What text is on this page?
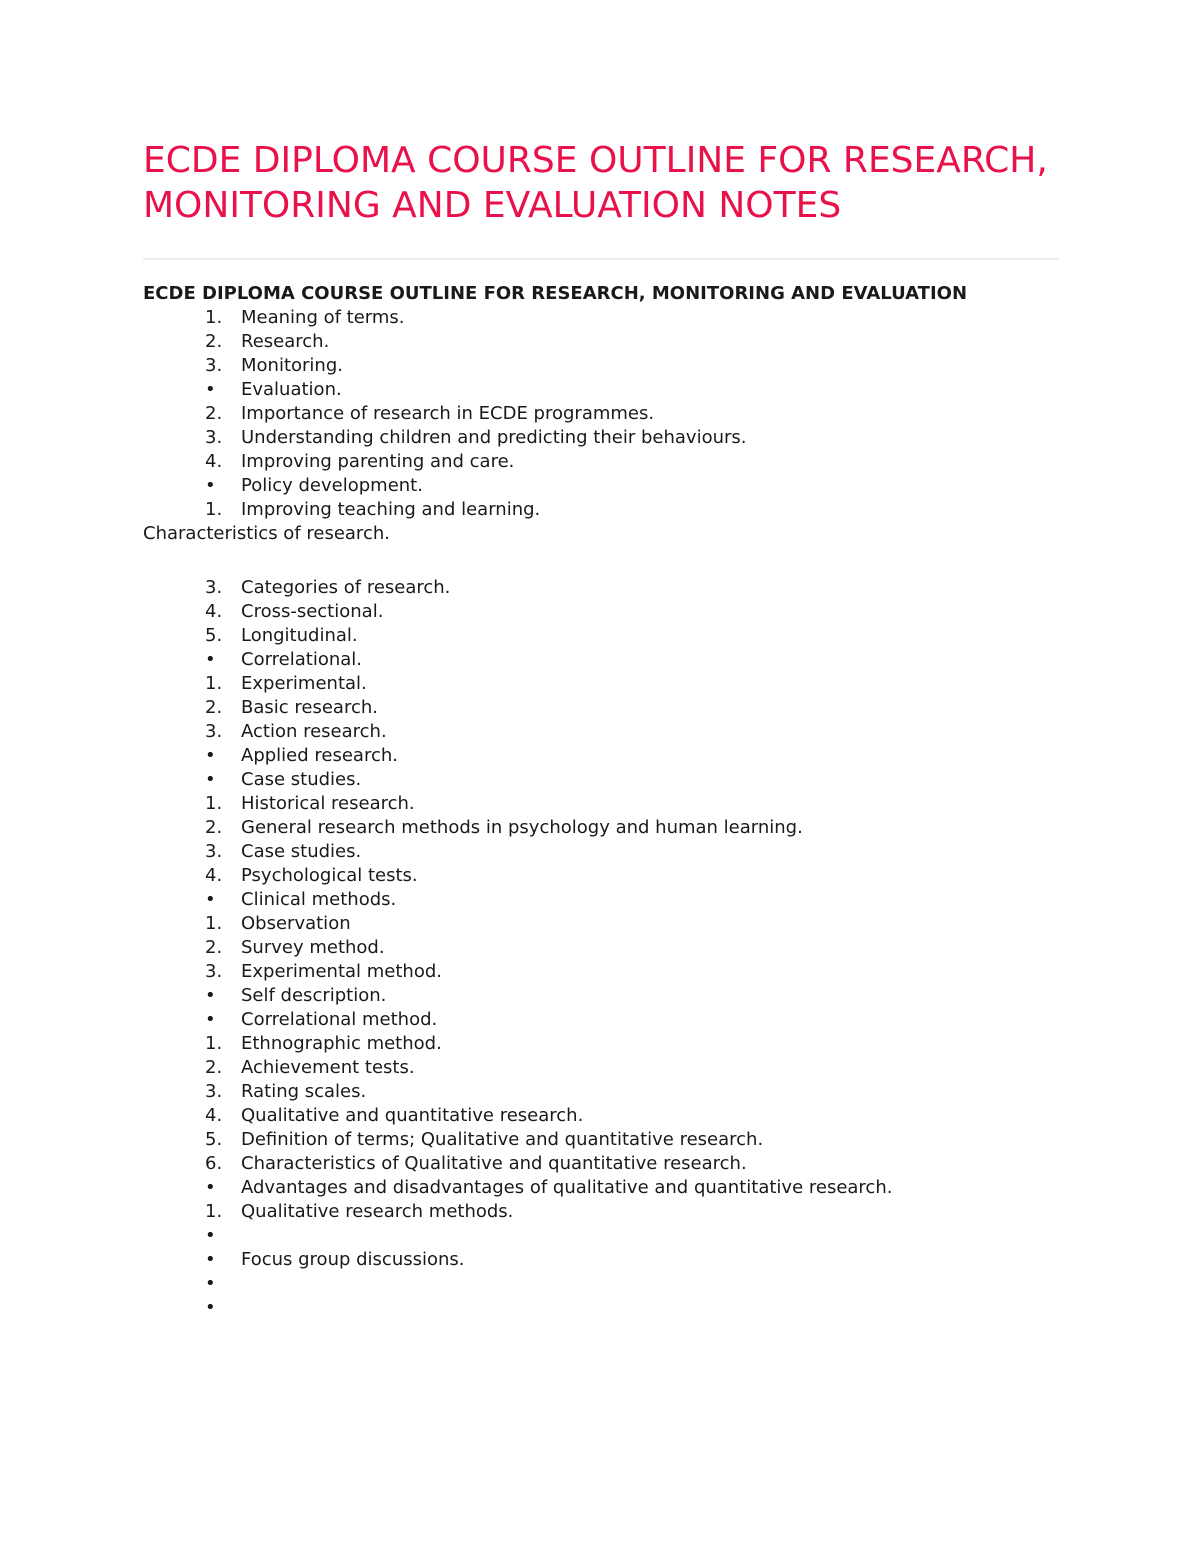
ECDE DIPLOMA COURSE OUTLINE FOR RESEARCH, MONITORING AND EVALUATION NOTES
ECDE DIPLOMA COURSE OUTLINE FOR RESEARCH, MONITORING AND EVALUATION
1.	Meaning of terms.
2.	Research.
3.	Monitoring.
•	Evaluation.
2.	Importance of research in ECDE programmes.
3.	Understanding children and predicting their behaviours.
4.	Improving parenting and care.
•	Policy development.
1.	Improving teaching and learning.

Characteristics of research.

3.	Categories of research.
4.	Cross-sectional.
5.	Longitudinal.
•	Correlational.
1.	Experimental.
2.	Basic research.
3.	Action research.
•	Applied research.
•	Case studies.
1.	Historical research.
2.	General research methods in psychology and human learning.
3.	Case studies.
4.	Psychological tests.
•	Clinical methods.
1.	Observation
2.	Survey method.
3.	Experimental method.
•	Self description.
•	Correlational method.
1.	Ethnographic method.
2.	Achievement tests.
3.	Rating scales.
4.	Qualitative and quantitative research.
5.	Definition of terms; Qualitative and quantitative research.
6.	Characteristics of Qualitative and quantitative research.
•	Advantages and disadvantages of qualitative and quantitative research.
1.	Qualitative research methods.
•
•	Focus group discussions.
•
•
